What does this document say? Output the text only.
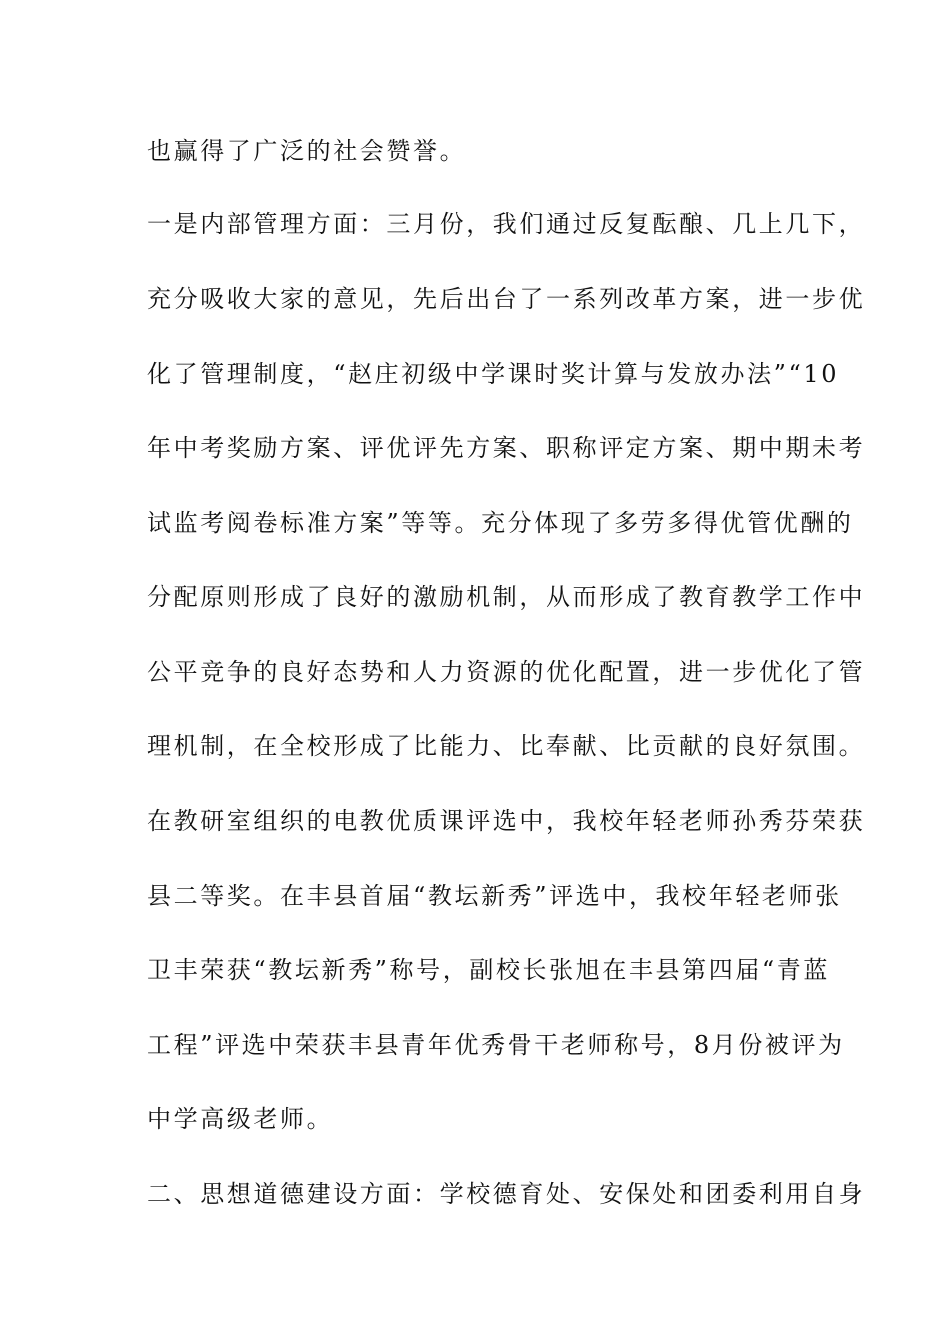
也赢得了广泛的社会赞誉。
一是内部管理方面：三月份，我们通过反复酝酿、几上几下，
充分吸收大家的意见，先后出台了一系列改革方案，进一步优
化了管理制度，“赵庄初级中学课时奖计算与发放办法”“10
年中考奖励方案、评优评先方案、职称评定方案、期中期未考
试监考阅卷标准方案”等等。充分体现了多劳多得优管优酬的
分配原则形成了良好的激励机制，从而形成了教育教学工作中
公平竞争的良好态势和人力资源的优化配置，进一步优化了管
理机制，在全校形成了比能力、比奉献、比贡献的良好氛围。
在教研室组织的电教优质课评选中，我校年轻老师孙秀芬荣获
县二等奖。在丰县首届“教坛新秀”评选中，我校年轻老师张
卫丰荣获“教坛新秀”称号，副校长张旭在丰县第四届“青蓝
工程”评选中荣获丰县青年优秀骨干老师称号，8月份被评为
中学高级老师。
二、思想道德建设方面：学校德育处、安保处和团委利用自身
